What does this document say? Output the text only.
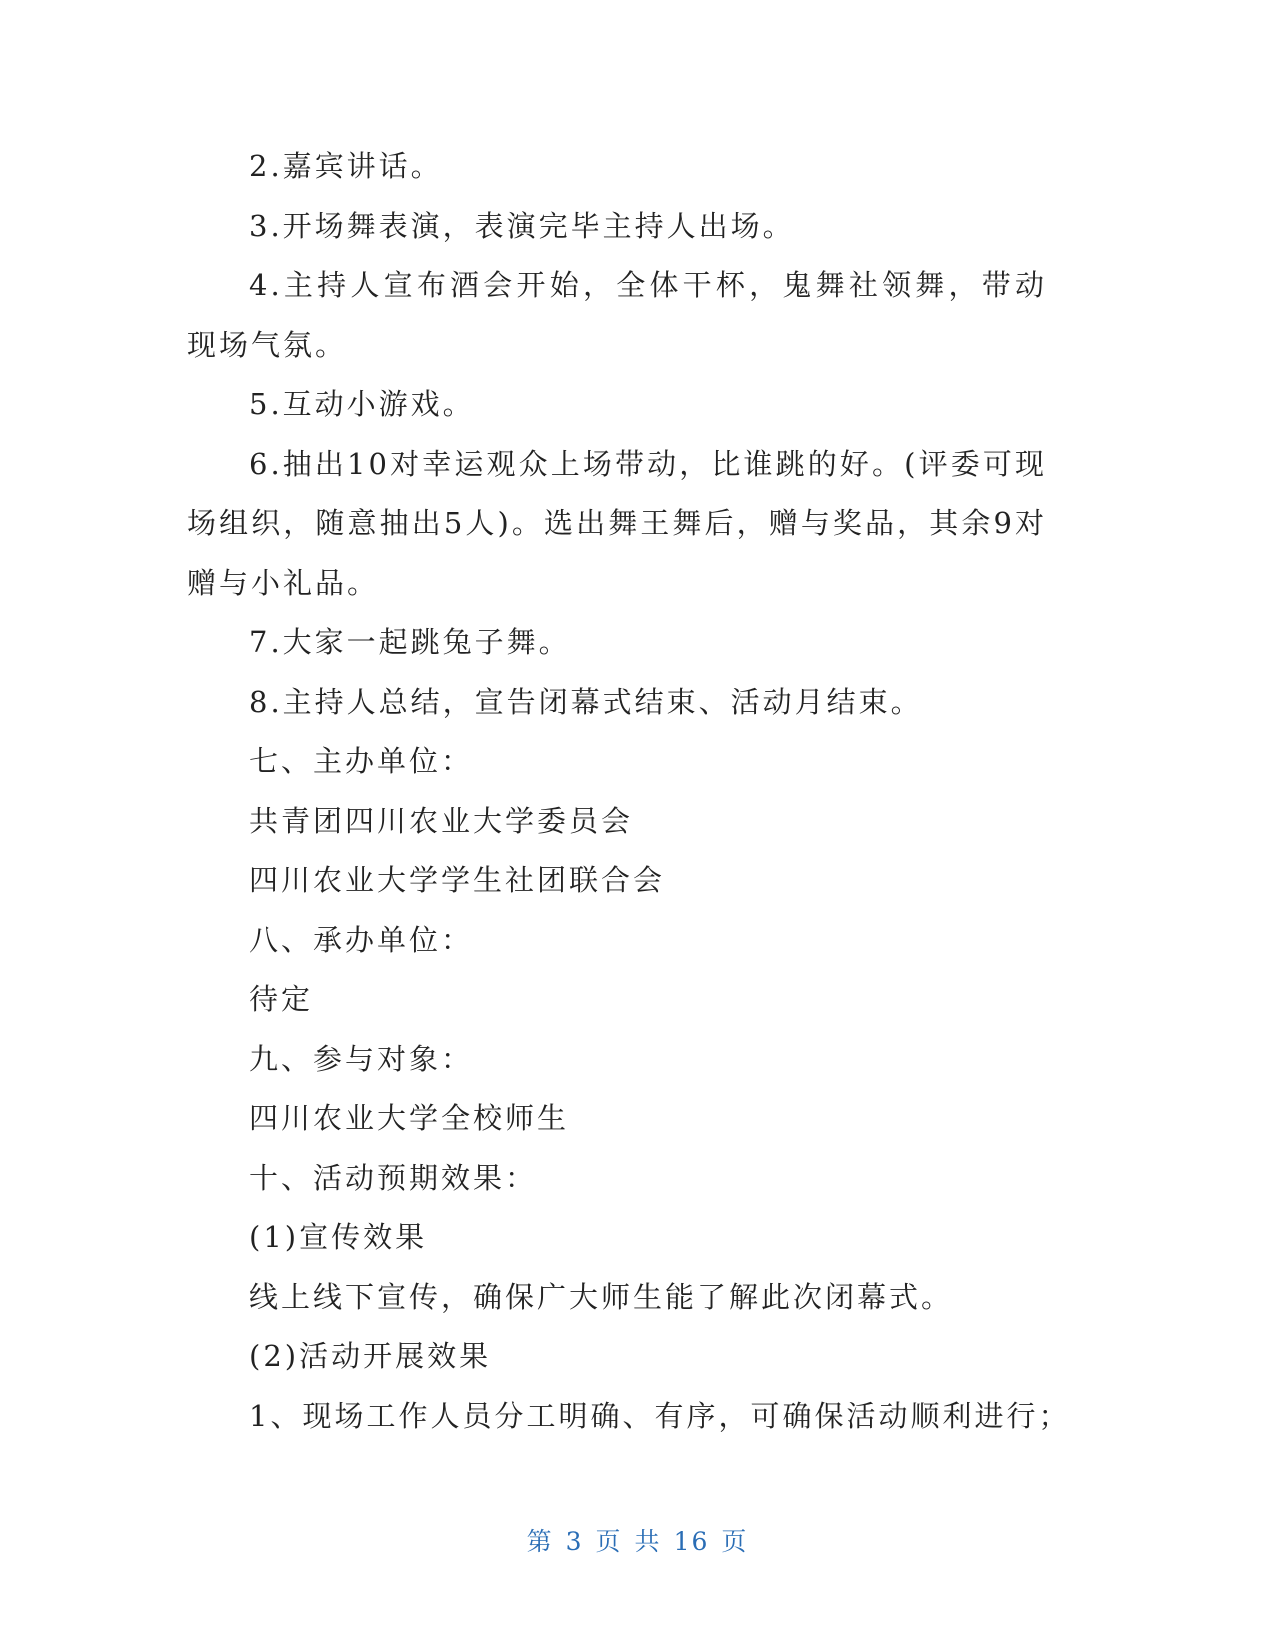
2.嘉宾讲话。
3.开场舞表演，表演完毕主持人出场。
4.主持人宣布酒会开始，全体干杯，鬼舞社领舞，带动现场气氛。
5.互动小游戏。
6.抽出10对幸运观众上场带动，比谁跳的好。(评委可现场组织，随意抽出5人)。选出舞王舞后，赠与奖品，其余9对赠与小礼品。
7.大家一起跳兔子舞。
8.主持人总结，宣告闭幕式结束、活动月结束。
七、主办单位：
共青团四川农业大学委员会
四川农业大学学生社团联合会
八、承办单位：
待定
九、参与对象：
四川农业大学全校师生
十、活动预期效果：
(1)宣传效果
线上线下宣传，确保广大师生能了解此次闭幕式。
(2)活动开展效果
1、现场工作人员分工明确、有序，可确保活动顺利进行；
第 3 页 共 16 页
